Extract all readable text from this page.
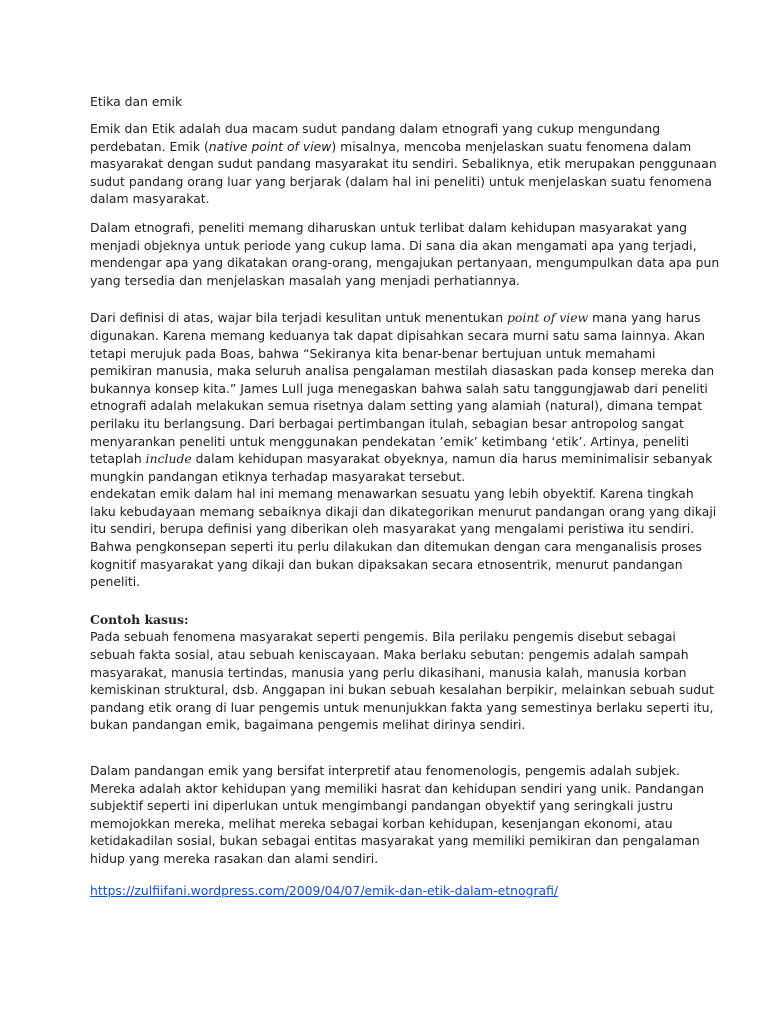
Etika dan emik

Emik dan Etik adalah dua macam sudut pandang dalam etnografi yang cukup mengundang

perdebatan. Emik (native point of view) misalnya, mencoba menjelaskan suatu fenomena dalam

masyarakat dengan sudut pandang masyarakat itu sendiri. Sebaliknya, etik merupakan penggunaan

sudut pandang orang luar yang berjarak (dalam hal ini peneliti) untuk menjelaskan suatu fenomena

dalam masyarakat.

Dalam etnografi, peneliti memang diharuskan untuk terlibat dalam kehidupan masyarakat yang

menjadi objeknya untuk periode yang cukup lama. Di sana dia akan mengamati apa yang terjadi,

mendengar apa yang dikatakan orang-orang, mengajukan pertanyaan, mengumpulkan data apa pun

yang tersedia dan menjelaskan masalah yang menjadi perhatiannya.

Dari definisi di atas, wajar bila terjadi kesulitan untuk menentukan point of view mana yang harus

digunakan. Karena memang keduanya tak dapat dipisahkan secara murni satu sama lainnya. Akan

tetapi merujuk pada Boas, bahwa “Sekiranya kita benar-benar bertujuan untuk memahami

pemikiran manusia, maka seluruh analisa pengalaman mestilah diasaskan pada konsep mereka dan

bukannya konsep kita.” James Lull juga menegaskan bahwa salah satu tanggungjawab dari peneliti

etnografi adalah melakukan semua risetnya dalam setting yang alamiah (natural), dimana tempat

perilaku itu berlangsung. Dari berbagai pertimbangan itulah, sebagian besar antropolog sangat

menyarankan peneliti untuk menggunakan pendekatan ’emik’ ketimbang ‘etik’. Artinya, peneliti

tetaplah include dalam kehidupan masyarakat obyeknya, namun dia harus meminimalisir sebanyak

mungkin pandangan etiknya terhadap masyarakat tersebut.

endekatan emik dalam hal ini memang menawarkan sesuatu yang lebih obyektif. Karena tingkah

laku kebudayaan memang sebaiknya dikaji dan dikategorikan menurut pandangan orang yang dikaji

itu sendiri, berupa definisi yang diberikan oleh masyarakat yang mengalami peristiwa itu sendiri.

Bahwa pengkonsepan seperti itu perlu dilakukan dan ditemukan dengan cara menganalisis proses

kognitif masyarakat yang dikaji dan bukan dipaksakan secara etnosentrik, menurut pandangan

peneliti.

Contoh kasus:

Pada sebuah fenomena masyarakat seperti pengemis. Bila perilaku pengemis disebut sebagai

sebuah fakta sosial, atau sebuah keniscayaan. Maka berlaku sebutan: pengemis adalah sampah

masyarakat, manusia tertindas, manusia yang perlu dikasihani, manusia kalah, manusia korban

kemiskinan struktural, dsb. Anggapan ini bukan sebuah kesalahan berpikir, melainkan sebuah sudut

pandang etik orang di luar pengemis untuk menunjukkan fakta yang semestinya berlaku seperti itu,

bukan pandangan emik, bagaimana pengemis melihat dirinya sendiri.

Dalam pandangan emik yang bersifat interpretif atau fenomenologis, pengemis adalah subjek.

Mereka adalah aktor kehidupan yang memiliki hasrat dan kehidupan sendiri yang unik. Pandangan

subjektif seperti ini diperlukan untuk mengimbangi pandangan obyektif yang seringkali justru

memojokkan mereka, melihat mereka sebagai korban kehidupan, kesenjangan ekonomi, atau

ketidakadilan sosial, bukan sebagai entitas masyarakat yang memiliki pemikiran dan pengalaman

hidup yang mereka rasakan dan alami sendiri.

https://zulfiifani.wordpress.com/2009/04/07/emik-dan-etik-dalam-etnografi/
